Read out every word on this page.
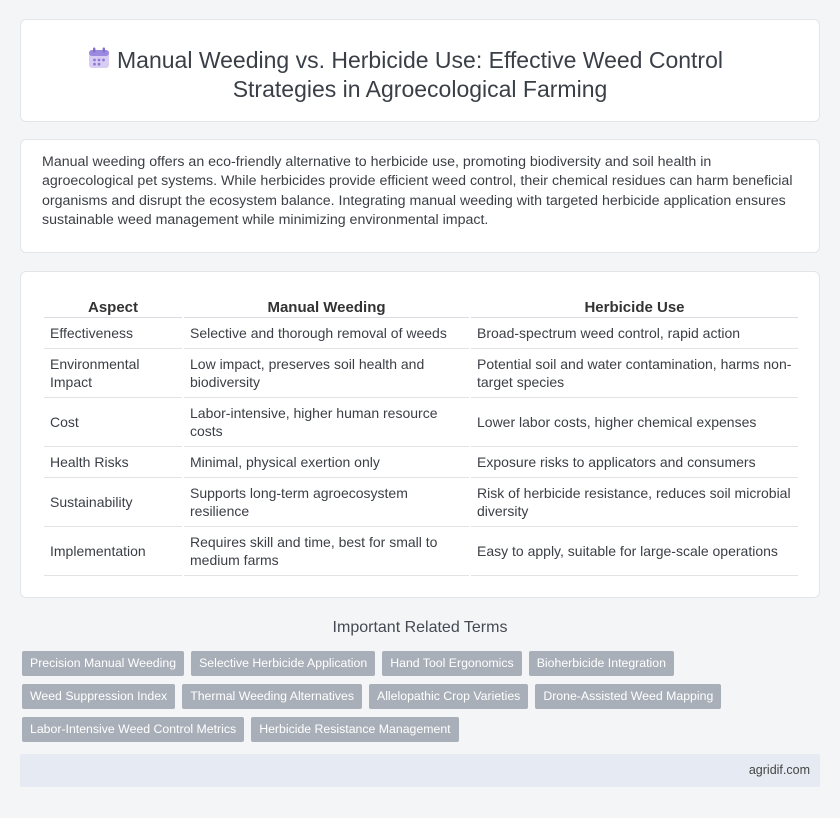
Manual Weeding vs. Herbicide Use: Effective Weed Control
Strategies in Agroecological Farming

Manual weeding offers an eco-friendly alternative to herbicide use, promoting biodiversity and soil health in agroecological pet systems. While herbicides provide efficient weed control, their chemical residues can harm beneficial organisms and disrupt the ecosystem balance. Integrating manual weeding with targeted herbicide application ensures sustainable weed management while minimizing environmental impact.

Aspect	Manual Weeding	Herbicide Use
Effectiveness	Selective and thorough removal of weeds	Broad-spectrum weed control, rapid action
Environmental Impact	Low impact, preserves soil health and biodiversity	Potential soil and water contamination, harms non-target species
Cost	Labor-intensive, higher human resource costs	Lower labor costs, higher chemical expenses
Health Risks	Minimal, physical exertion only	Exposure risks to applicators and consumers
Sustainability	Supports long-term agroecosystem resilience	Risk of herbicide resistance, reduces soil microbial diversity
Implementation	Requires skill and time, best for small to medium farms	Easy to apply, suitable for large-scale operations
Important Related Terms
Precision Manual Weeding	Selective Herbicide Application	Hand Tool Ergonomics	Bioherbicide Integration
Weed Suppression Index	Thermal Weeding Alternatives	Allelopathic Crop Varieties	Drone-Assisted Weed Mapping
Labor-Intensive Weed Control Metrics	Herbicide Resistance Management
agridif.com
